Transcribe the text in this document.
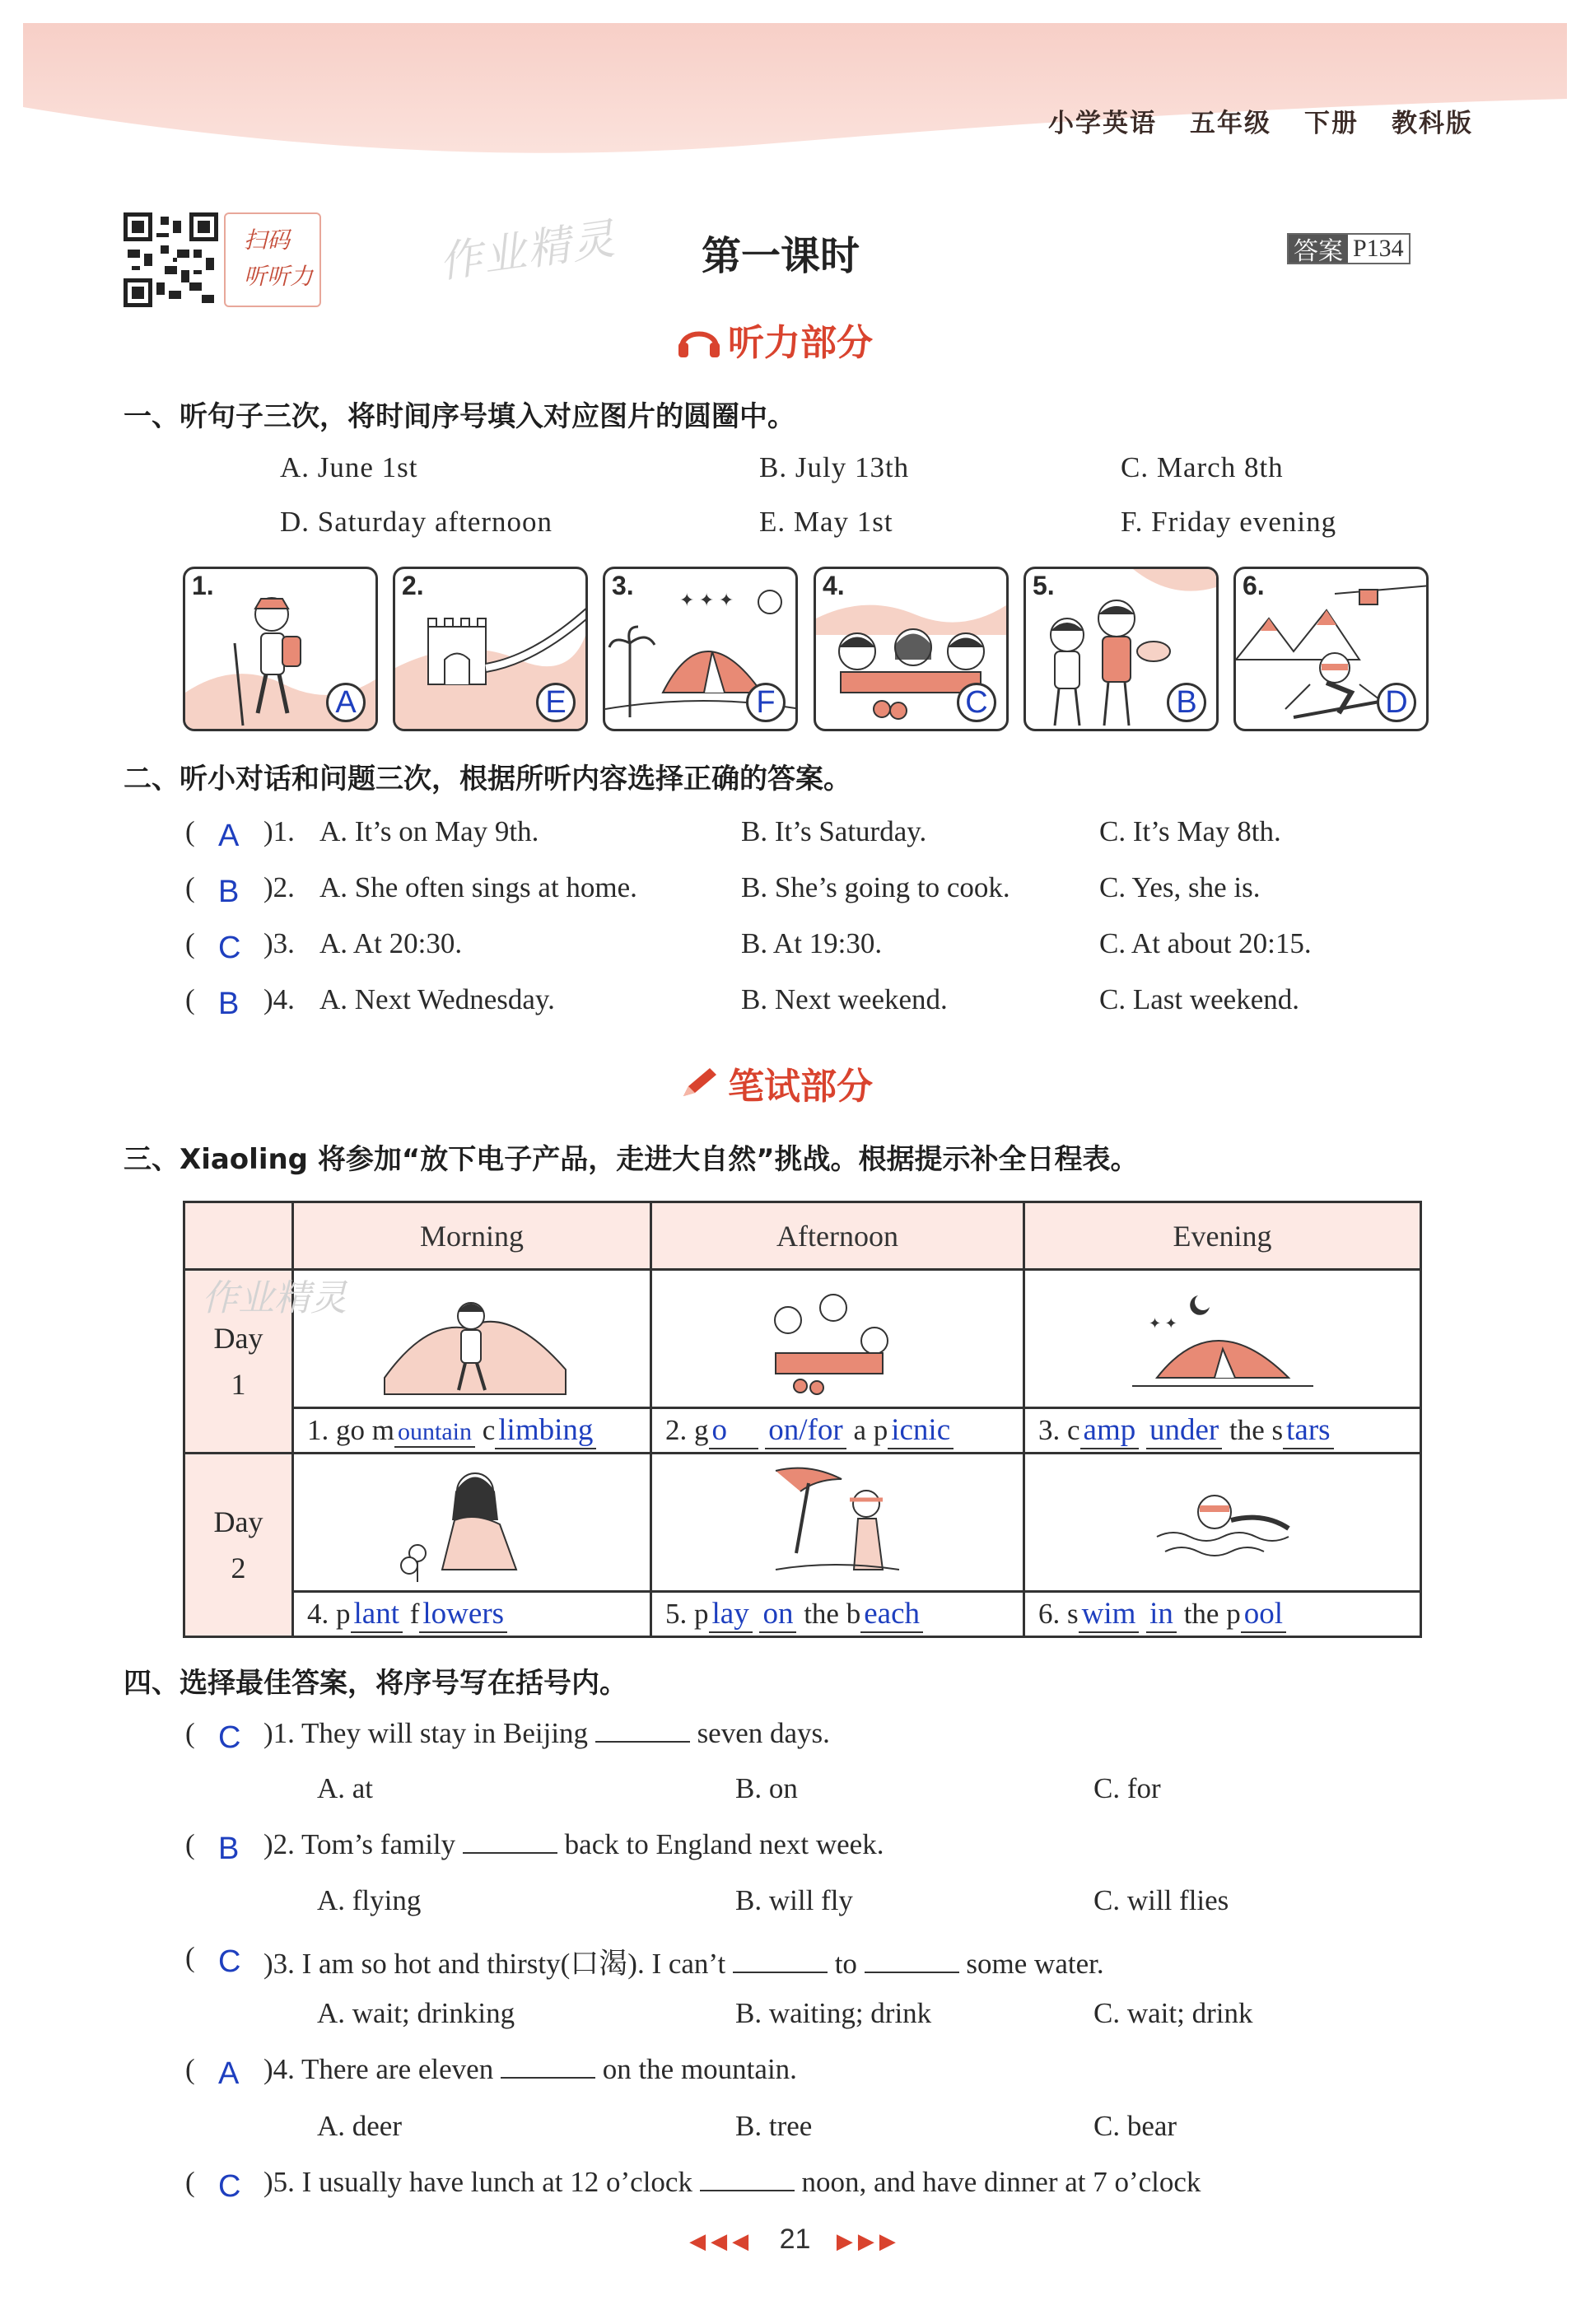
小学英语 五年级 下册 教科版
扫码
听听力	作业精灵 第一课时	答案 P134
听力部分
一、听句子三次，将时间序号填入对应图片的圆圈中。
A. June 1st	B. July 13th	C. March 8th
D. Saturday afternoon	E. May 1st	F. Friday evening
1.
A
2.
E
✦ ✦ ✦
3.
F
4.
C
5.
B
6.
D
二、听小对话和问题三次，根据所听内容选择正确的答案。
( A )1. A. It’s on May 9th.	B. It’s Saturday.	C. It’s May 8th.
( B )2. A. She often sings at home.	B. She’s going to cook.	C. Yes, she is.
( C )3. A. At 20:30.	B. At 19:30.	C. At about 20:15.
( B )4. A. Next Wednesday.	B. Next weekend.	C. Last weekend.
笔试部分
三、Xiaoling 将参加“放下电子产品，走进大自然”挑战。根据提示补全日程表。
	Morning	Afternoon	Evening

作业精灵
Day
1			✦ ✦

	1. go m ountain c limbing	2. g o on/for a p icnic	3. c amp under the s tars

Day
2

	4. p lant f lowers	5. p lay on the b each	6. s wim in the p ool
四、选择最佳答案，将序号写在括号内。
( C )1. They will stay in Beijing	seven days.
A. at	B. on	C. for
( B )2. Tom’s family	back to England next week.
A. flying	B. will fly	C. will flies
( C )3. I am so hot and thirsty(口渴). I can’t	to	some water.
A. wait; drinking	B. waiting; drink	C. wait; drink
( A )4. There are eleven	on the mountain.
A. deer	B. tree	C. bear
( C )5. I usually have lunch at 12 o’clock	noon, and have dinner at 7 o’clock
◀◀◀ 21 ▶▶▶
